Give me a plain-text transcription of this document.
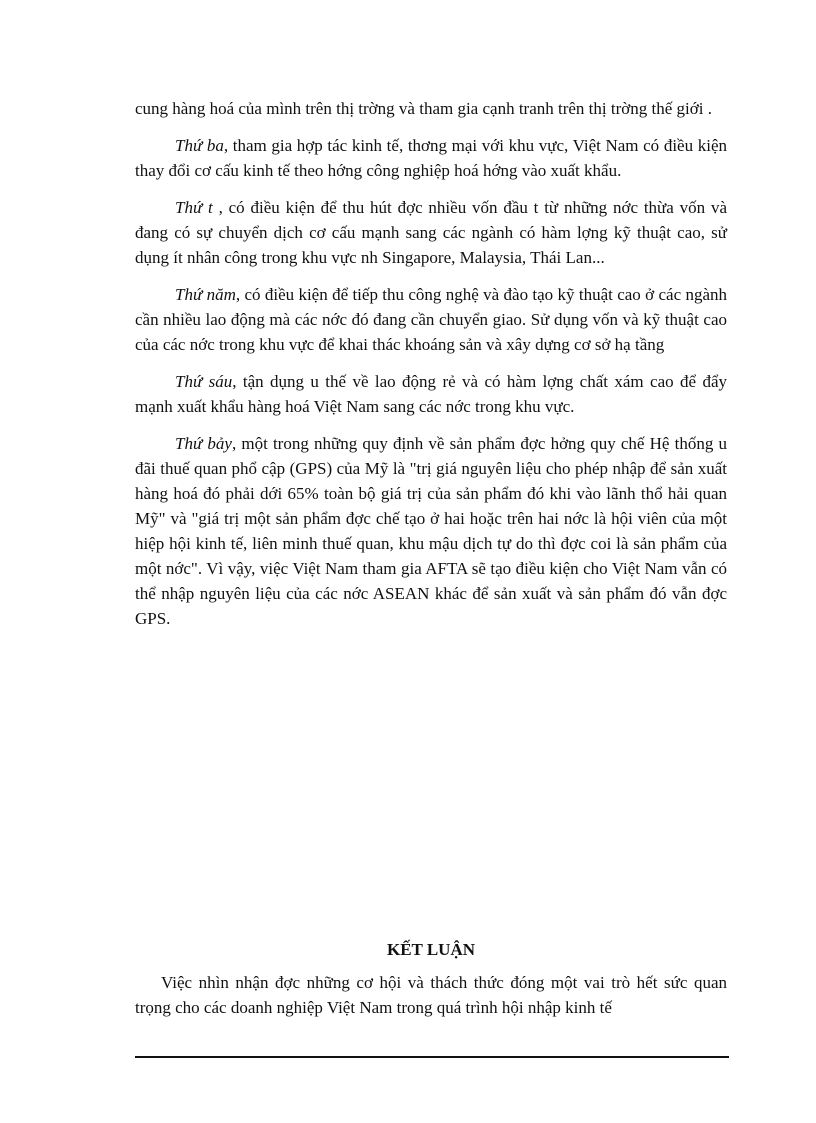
cung hàng hoá của mình trên thị trờng và tham gia cạnh tranh trên thị trờng thế giới .

Thứ ba, tham gia hợp tác kinh tế, thơng mại với khu vực, Việt Nam có điều kiện thay đổi cơ cấu kinh tế theo hớng công nghiệp hoá hớng vào xuất khẩu.

Thứ t , có điều kiện để thu hút đợc nhiều vốn đầu t từ những nớc thừa vốn và đang có sự chuyển dịch cơ cấu mạnh sang các ngành có hàm lợng kỹ thuật cao, sử dụng ít nhân công trong khu vực nh Singapore, Malaysia, Thái Lan...

Thứ năm, có điều kiện để tiếp thu công nghệ và đào tạo kỹ thuật cao ở các ngành cần nhiều lao động mà các nớc đó đang cần chuyển giao. Sử dụng vốn và kỹ thuật cao của các nớc trong khu vực để khai thác khoáng sản và xây dựng cơ sở hạ tầng

Thứ sáu, tận dụng u thế về lao động rẻ và có hàm lợng chất xám cao để đẩy mạnh xuất khẩu hàng hoá Việt Nam sang các nớc trong khu vực.

Thứ bảy, một trong những quy định về sản phẩm đợc hởng quy chế Hệ thống u đãi thuế quan phổ cập (GPS) của Mỹ là "trị giá nguyên liệu cho phép nhập để sản xuất hàng hoá đó phải dới 65% toàn bộ giá trị của sản phẩm đó khi vào lãnh thổ hải quan Mỹ" và "giá trị một sản phẩm đợc chế tạo ở hai hoặc trên hai nớc là hội viên của một hiệp hội kinh tế, liên minh thuế quan, khu mậu dịch tự do thì đợc coi là sản phẩm của một nớc". Vì vậy, việc Việt Nam tham gia AFTA sẽ tạo điều kiện cho Việt Nam vẫn có thể nhập nguyên liệu của các nớc ASEAN khác để sản xuất và sản phẩm đó vẫn đợc GPS.

KẾT LUẬN

Việc nhìn nhận đợc những cơ hội và thách thức đóng một vai trò hết sức quan trọng cho các doanh nghiệp Việt Nam trong quá trình hội nhập kinh tế
